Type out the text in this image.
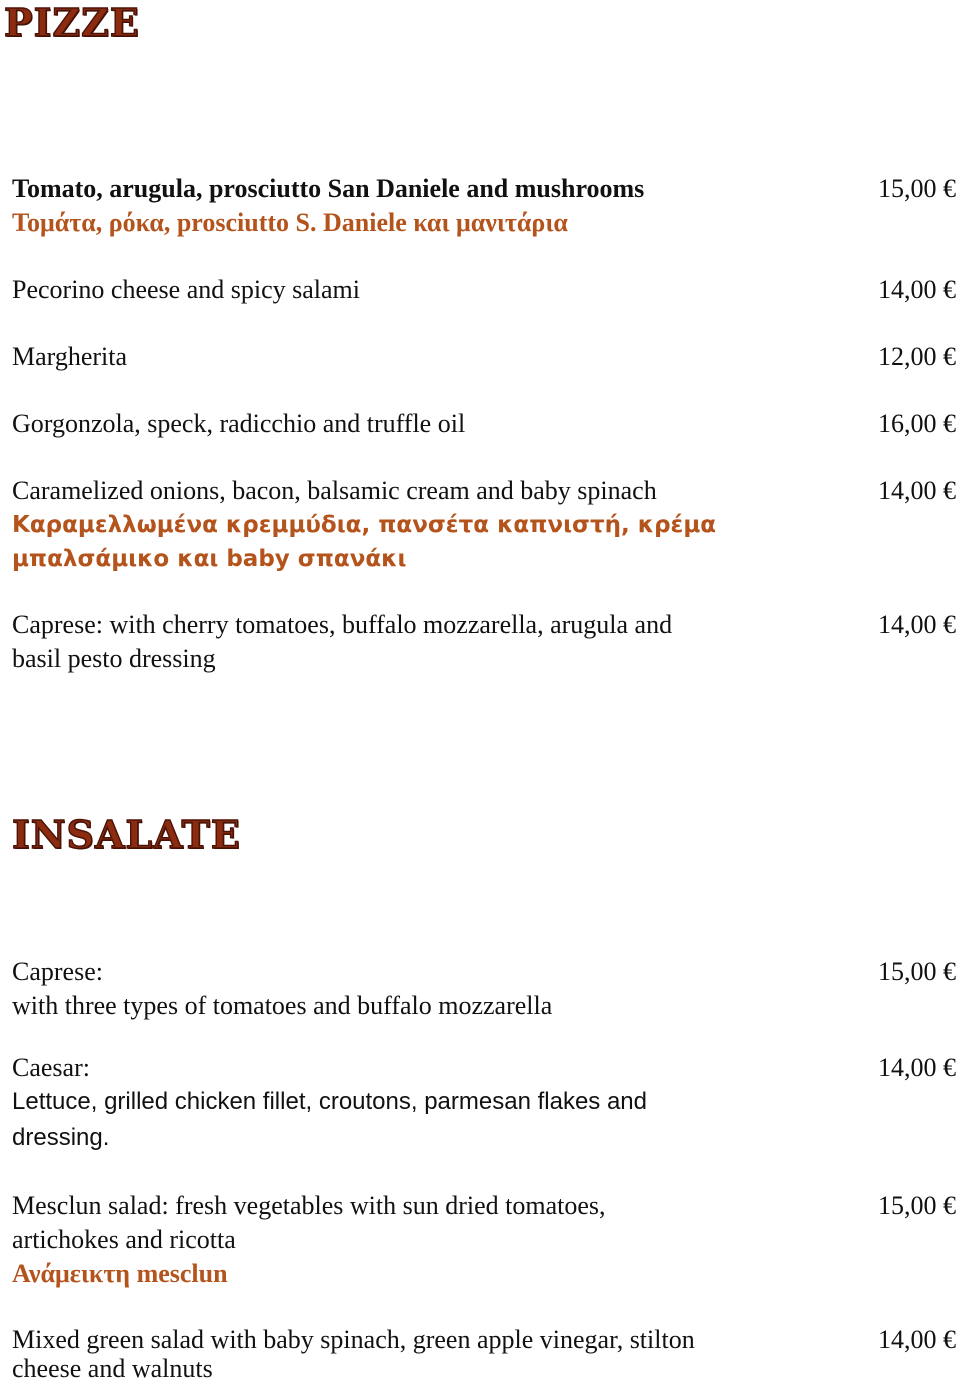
PIZZE
Tomato, arugula, prosciutto San Daniele and mushrooms	15,00 €
Τομάτα, ρόκα, prosciutto S. Daniele και μανιτάρια
Pecorino cheese and spicy salami	14,00 €
Margherita	12,00 €
Gorgonzola, speck, radicchio and truffle oil	16,00 €
Caramelized onions, bacon, balsamic cream and baby spinach	14,00 €
Καραμελλωμένα κρεμμύδια, πανσέτα καπνιστή, κρέμα
μπαλσάμικο και baby σπανάκι
Caprese: with cherry tomatoes, buffalo mozzarella, arugula and	14,00 €
basil pesto dressing
INSALATE
Caprese:	15,00 €
with three types of tomatoes and buffalo mozzarella
Caesar:	14,00 €
Lettuce, grilled chicken fillet, croutons, parmesan flakes and
dressing.
Mesclun salad: fresh vegetables with sun dried tomatoes,	15,00 €
artichokes and ricotta
Ανάμεικτη mesclun
Mixed green salad with baby spinach, green apple vinegar, stilton	14,00 €
cheese and walnuts
